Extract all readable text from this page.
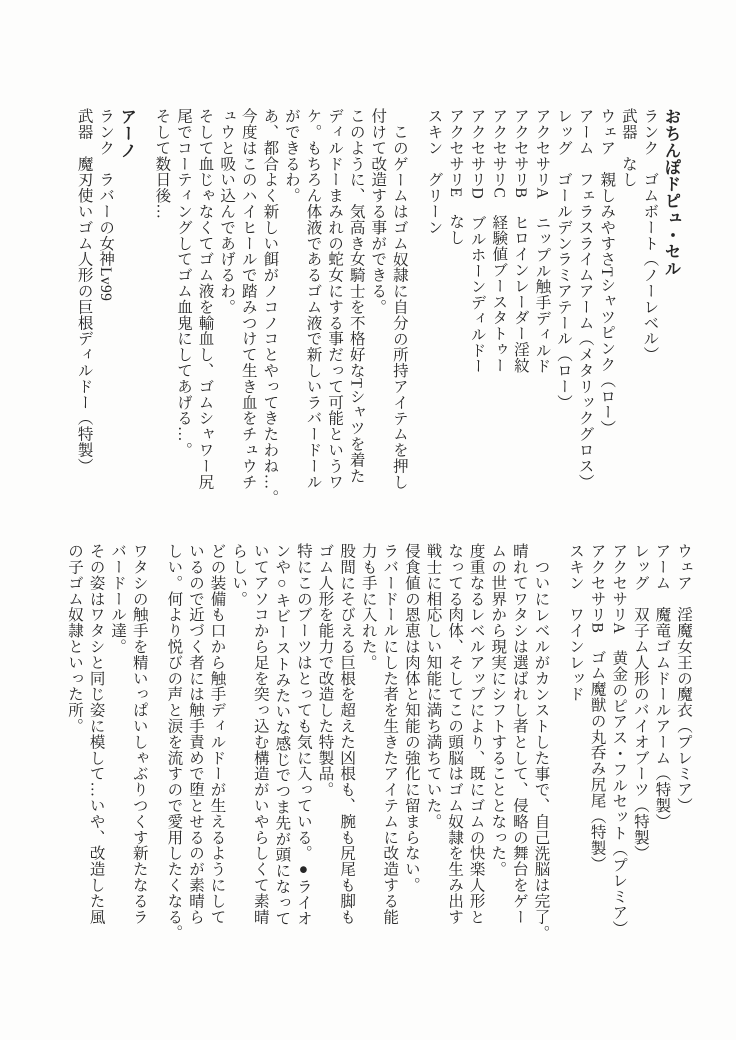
おちんぽドピュ・セル

ランク　ゴムボート（ノーレベル）

武器　なし

ウェア　親しみやすさTシャツピンク（ロー）

アーム　フェラスライムアーム（メタリックグロス）

レッグ　ゴールデンラミアテール（ロー）

アクセサリA　ニップル触手ディルド

アクセサリB　ヒロインレーダー淫紋

アクセサリC　経験値ブースタトゥー

アクセサリD　ブルホーンディルドー

アクセサリE　なし

スキン　グリーン

このゲームはゴム奴隷に自分の所持アイテムを押し

付けて改造する事ができる。

このように、気高き女騎士を不格好なTシャツを着た

ディルドーまみれの蛇女にする事だって可能というワ

ケ。もちろん体液であるゴム液で新しいラバードール

ができるわ。

あ、都合よく新しい餌がノコノコとやってきたわね…。

今度はこのハイヒールで踏みつけて生き血をチュウチ

ュウと吸い込んであげるわ。

そして血じゃなくてゴム液を輸血し、ゴムシャワー尻

尾でコーティングしてゴム血鬼にしてあげる…。

そして数日後…

アーノ

ランク　ラバーの女神Lv99

武器　魔刃使いゴム人形の巨根ディルドー（特製）

ウェア　淫魔女王の魔衣（プレミア）

アーム　魔竜ゴムドールアーム（特製）

レッグ　双子ム人形のバイオブーツ（特製）

アクセサリA　黄金のピアス・フルセット（プレミア）

アクセサリB　ゴム魔獣の丸呑み尻尾（特製）

スキン　ワインレッド

ついにレベルがカンストした事で、自己洗脳は完了。

晴れてワタシは選ばれし者として、侵略の舞台をゲー

ムの世界から現実にシフトすることとなった。

度重なるレベルアップにより、既にゴムの快楽人形と

なってる肉体、そしてこの頭脳はゴム奴隷を生み出す

戦士に相応しい知能に満ち満ちていた。

侵食値の恩恵は肉体と知能の強化に留まらない。

ラバードールにした者を生きたアイテムに改造する能

力も手に入れた。

股間にそびえる巨根を超えた凶根も、腕も尻尾も脚も

ゴム人形を能力で改造した特製品。

特にこのブーツはとっても気に入っている。●ライオ

ンや○キビーストみたいな感じでつま先が頭になって

いてアソコから足を突っ込む構造がいやらしくて素晴

らしい。

どの装備も口から触手ディルドーが生えるようにして

いるので近づく者には触手責めで堕とせるのが素晴ら

しい。何より悦びの声と涙を流すので愛用したくなる。

ワタシの触手を精いっぱいしゃぶりつくす新たなるラ

バードール達。

その姿はワタシと同じ姿に模して…いや、改造した風

の子ゴム奴隷といった所。
